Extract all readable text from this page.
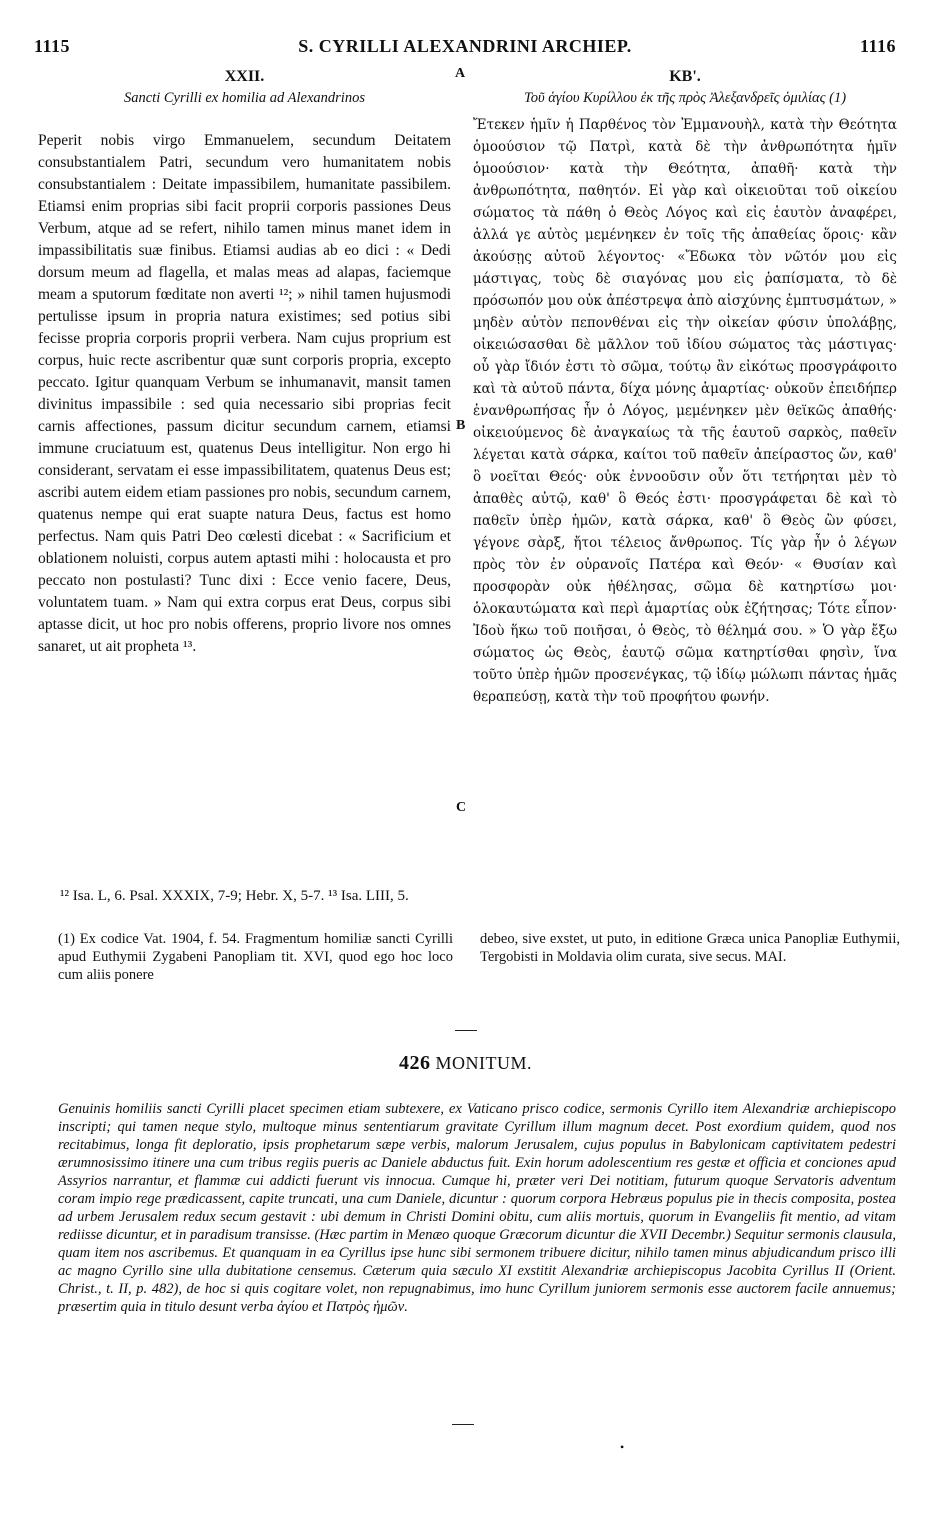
1115	S. CYRILLI ALEXANDRINI ARCHIEP.	1116
XXII.
Sancti Cyrilli ex homilia ad Alexandrinos
Peperit nobis virgo Emmanuelem, secundum Deitatem consubstantialem Patri, secundum vero humanitatem nobis consubstantialem : Deitate impassibilem, humanitate passibilem. Etiamsi enim proprias sibi facit proprii corporis passiones Deus Verbum, atque ad se refert, nihilo tamen minus manet idem in impassibilitatis suæ finibus. Etiamsi audias ab eo dici : « Dedi dorsum meum ad flagella, et malas meas ad alapas, faciemque meam a sputorum fœditate non averti ¹²; » nihil tamen hujusmodi pertulisse ipsum in propria natura existimes; sed potius sibi fecisse propria corporis proprii verbera. Nam cujus proprium est corpus, huic recte ascribentur quæ sunt corporis propria, excepto peccato. Igitur quanquam Verbum se inhumanavit, mansit tamen divinitus impassibile : sed quia necessario sibi proprias fecit carnis affectiones, passum dicitur secundum carnem, etiamsi immune cruciatuum est, quatenus Deus intelligitur. Non ergo hi considerant, servatam ei esse impassibilitatem, quatenus Deus est; ascribi autem eidem etiam passiones pro nobis, secundum carnem, quatenus nempe qui erat suapte natura Deus, factus est homo perfectus. Nam quis Patri Deo cœlesti dicebat : « Sacrificium et oblationem noluisti, corpus autem aptasti mihi : holocausta et pro peccato non postulasti? Tunc dixi : Ecce venio facere, Deus, voluntatem tuam. » Nam qui extra corpus erat Deus, corpus sibi aptasse dicit, ut hoc pro nobis offerens, proprio livore nos omnes sanaret, ut ait propheta ¹³.
A
B
C
ΚΒ'.
Τοῦ ἁγίου Κυρίλλου ἐκ τῆς πρὸς Ἀλεξανδρεῖς ὁμιλίας (1)
Ἔτεκεν ἡμῖν ἡ Παρθένος τὸν Ἐμμανουὴλ, κατὰ τὴν Θεότητα ὁμοούσιον τῷ Πατρὶ, κατὰ δὲ τὴν ἀνθρωπότητα ἡμῖν ὁμοούσιον· κατὰ τὴν Θεότητα, ἀπαθῆ· κατὰ τὴν ἀνθρωπότητα, παθητόν. Εἰ γὰρ καὶ οἰκειοῦται τοῦ οἰκείου σώματος τὰ πάθη ὁ Θεὸς Λόγος καὶ εἰς ἑαυτὸν ἀναφέρει, ἀλλά γε αὐτὸς μεμένηκεν ἐν τοῖς τῆς ἀπαθείας ὅροις· κἂν ἀκούσῃς αὐτοῦ λέγοντος· «Ἔδωκα τὸν νῶτόν μου εἰς μάστιγας, τοὺς δὲ σιαγόνας μου εἰς ῥαπίσματα, τὸ δὲ πρόσωπόν μου οὐκ ἀπέστρεψα ἀπὸ αἰσχύνης ἐμπτυσμάτων, » μηδὲν αὐτὸν πεπονθέναι εἰς τὴν οἰκείαν φύσιν ὑπολάβῃς, οἰκειώσασθαι δὲ μᾶλλον τοῦ ἰδίου σώματος τὰς μάστιγας· οὗ γὰρ ἴδιόν ἐστι τὸ σῶμα, τούτῳ ἂν εἰκότως προσγράφοιτο καὶ τὰ αὐτοῦ πάντα, δίχα μόνης ἁμαρτίας· οὐκοῦν ἐπειδήπερ ἐνανθρωπήσας ἦν ὁ Λόγος, μεμένηκεν μὲν θεϊκῶς ἀπαθής· οἰκειούμενος δὲ ἀναγκαίως τὰ τῆς ἑαυτοῦ σαρκὸς, παθεῖν λέγεται κατὰ σάρκα, καίτοι τοῦ παθεῖν ἀπείραστος ὤν, καθ' ὃ νοεῖται Θεός· οὐκ ἐννοοῦσιν οὖν ὅτι τετήρηται μὲν τὸ ἀπαθὲς αὐτῷ, καθ' ὃ Θεός ἐστι· προσγράφεται δὲ καὶ τὸ παθεῖν ὑπὲρ ἡμῶν, κατὰ σάρκα, καθ' ὃ Θεὸς ὢν φύσει, γέγονε σὰρξ, ἤτοι τέλειος ἄνθρωπος. Τίς γὰρ ἦν ὁ λέγων πρὸς τὸν ἐν οὐρανοῖς Πατέρα καὶ Θεόν· « Θυσίαν καὶ προσφορὰν οὐκ ἠθέλησας, σῶμα δὲ κατηρτίσω μοι· ὁλοκαυτώματα καὶ περὶ ἁμαρτίας οὐκ ἐζήτησας; Τότε εἶπον· Ἰδοὺ ἥκω τοῦ ποιῆσαι, ὁ Θεὸς, τὸ θέλημά σου. » Ὁ γὰρ ἔξω σώματος ὡς Θεὸς, ἑαυτῷ σῶμα κατηρτίσθαι φησὶν, ἵνα τοῦτο ὑπὲρ ἡμῶν προσενέγκας, τῷ ἰδίῳ μώλωπι πάντας ἡμᾶς θεραπεύσῃ, κατὰ τὴν τοῦ προφήτου φωνήν.
¹² Isa. L, 6. Psal. XXXIX, 7-9; Hebr. X, 5-7. ¹³ Isa. LIII, 5.
(1) Ex codice Vat. 1904, f. 54. Fragmentum homiliæ sancti Cyrilli apud Euthymii Zygabeni Panopliam tit. XVI, quod ego hoc loco cum aliis ponere
debeo, sive exstet, ut puto, in editione Græca unica Panopliæ Euthymii, Tergobisti in Moldavia olim curata, sive secus. MAI.
426 MONITUM.
Genuinis homiliis sancti Cyrilli placet specimen etiam subtexere, ex Vaticano prisco codice, sermonis Cyrillo item Alexandriæ archiepiscopo inscripti; qui tamen neque stylo, multoque minus sententiarum gravitate Cyrillum illum magnum decet. Post exordium quidem, quod nos recitabimus, longa fit deploratio, ipsis prophetarum sæpe verbis, malorum Jerusalem, cujus populus in Babylonicam captivitatem pedestri ærumnosissimo itinere una cum tribus regiis pueris ac Daniele abductus fuit. Exin horum adolescentium res gestæ et officia et conciones apud Assyrios narrantur, et flammæ cui addicti fuerunt vis innocua. Cumque hi, præter veri Dei notitiam, futurum quoque Servatoris adventum coram impio rege prædicassent, capite truncati, una cum Daniele, dicuntur : quorum corpora Hebræus populus pie in thecis composita, postea ad urbem Jerusalem redux secum gestavit : ubi demum in Christi Domini obitu, cum aliis mortuis, quorum in Evangeliis fit mentio, ad vitam rediisse dicuntur, et in paradisum transisse. (Hæc partim in Menæo quoque Græcorum dicuntur die XVII Decembr.) Sequitur sermonis clausula, quam item nos ascribemus. Et quanquam in ea Cyrillus ipse hunc sibi sermonem tribuere dicitur, nihilo tamen minus abjudicandum prisco illi ac magno Cyrillo sine ulla dubitatione censemus. Cæterum quia sæculo XI exstitit Alexandriæ archiepiscopus Jacobita Cyrillus II (Orient. Christ., t. II, p. 482), de hoc si quis cogitare volet, non repugnabimus, imo hunc Cyrillum juniorem sermonis esse auctorem facile annuemus; præsertim quia in titulo desunt verba ἁγίου et Πατρὸς ἡμῶν.
•
